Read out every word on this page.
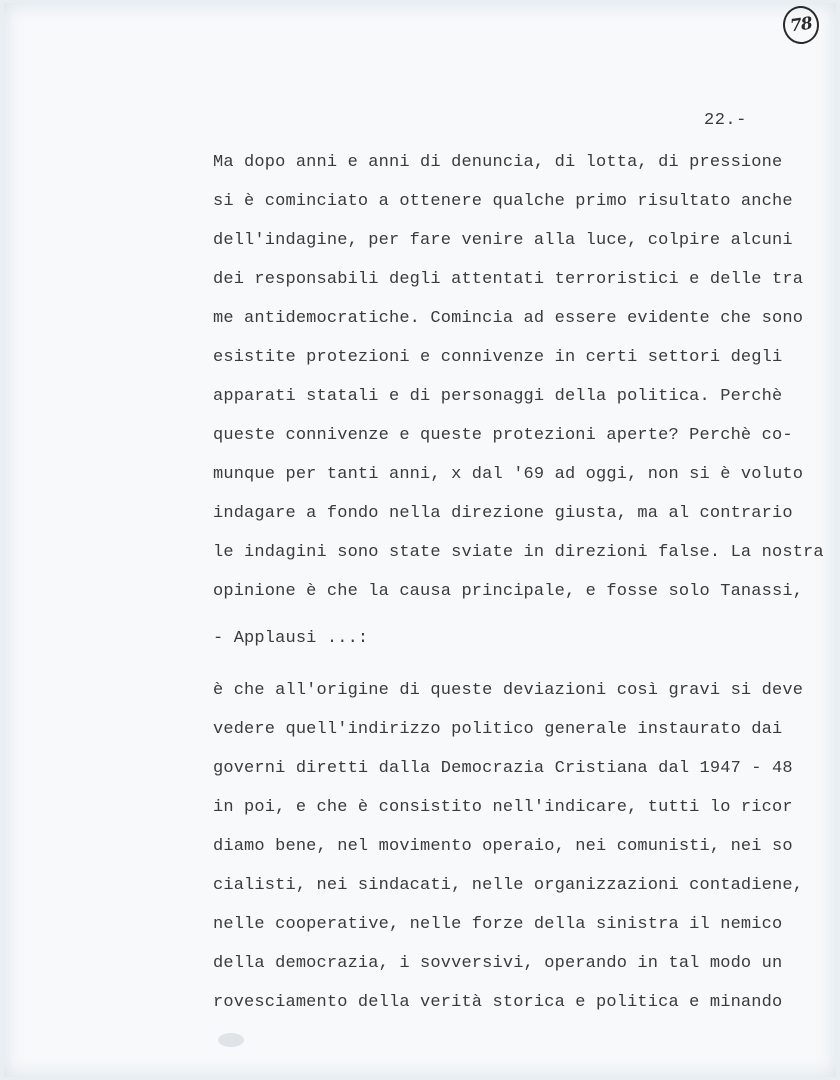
78
22.-
Ma dopo anni e anni di denuncia, di lotta, di pressione
si è cominciato a ottenere qualche primo risultato anche
dell'indagine, per fare venire alla luce, colpire alcuni
dei responsabili degli attentati terroristici e delle tra
me antidemocratiche. Comincia ad essere evidente che sono
esistite protezioni e connivenze in certi settori degli
apparati statali e di personaggi della politica. Perchè
queste connivenze e queste protezioni aperte? Perchè co-
munque per tanti anni, x dal '69 ad oggi, non si è voluto
indagare a fondo nella direzione giusta, ma al contrario
le indagini sono state sviate in direzioni false. La nostra
opinione è che la causa principale, e fosse solo Tanassi,
- Applausi ...:
è che all'origine di queste deviazioni così gravi si deve
vedere quell'indirizzo politico generale instaurato dai
governi diretti dalla Democrazia Cristiana dal 1947 - 48
in poi, e che è consistito nell'indicare, tutti lo ricor
diamo bene, nel movimento operaio, nei comunisti, nei so
cialisti, nei sindacati, nelle organizzazioni contadiene,
nelle cooperative, nelle forze della sinistra il nemico
della democrazia, i sovversivi, operando in tal modo un
rovesciamento della verità storica e politica e minando
